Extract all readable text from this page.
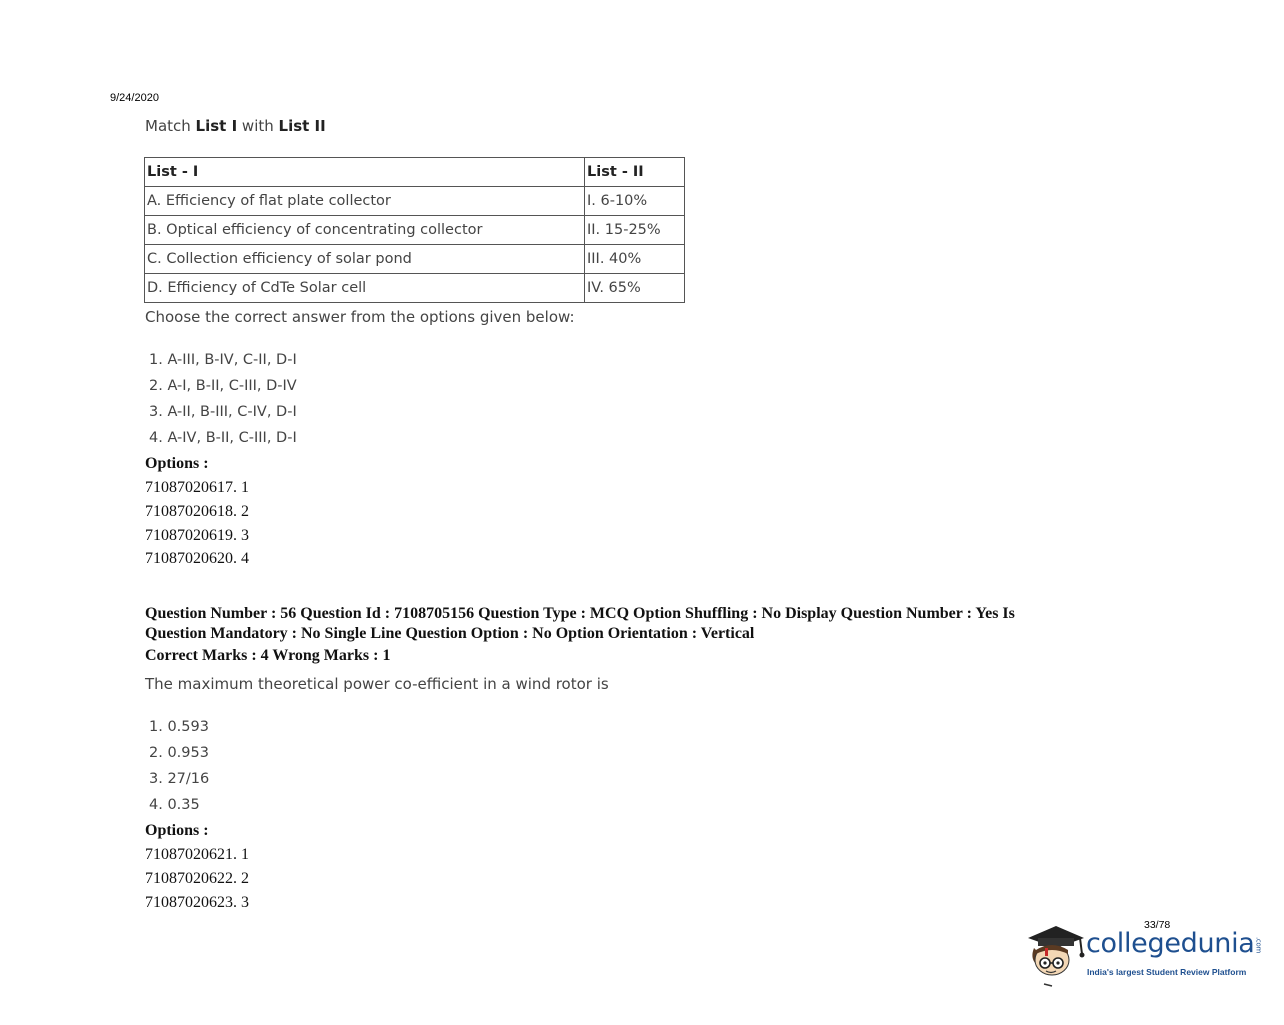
9/24/2020
Match List I with List II
List - I	List - II
A. Efficiency of flat plate collector	I. 6-10%
B. Optical efficiency of concentrating collector	II. 15-25%
C. Collection efficiency of solar pond	III. 40%
D. Efficiency of CdTe Solar cell	IV. 65%
Choose the correct answer from the options given below:
1. A-III, B-IV, C-II, D-I
2. A-I, B-II, C-III, D-IV
3. A-II, B-III, C-IV, D-I
4. A-IV, B-II, C-III, D-I
Options :
71087020617. 1
71087020618. 2
71087020619. 3
71087020620. 4
Question Number : 56 Question Id : 7108705156 Question Type : MCQ Option Shuffling : No Display Question Number : Yes Is
Question Mandatory : No Single Line Question Option : No Option Orientation : Vertical
Correct Marks : 4 Wrong Marks : 1
The maximum theoretical power co-efficient in a wind rotor is
1. 0.593
2. 0.953
3. 27/16
4. 0.35
Options :
71087020621. 1
71087020622. 2
71087020623. 3
33/78
collegedunia.com
India's largest Student Review Platform
